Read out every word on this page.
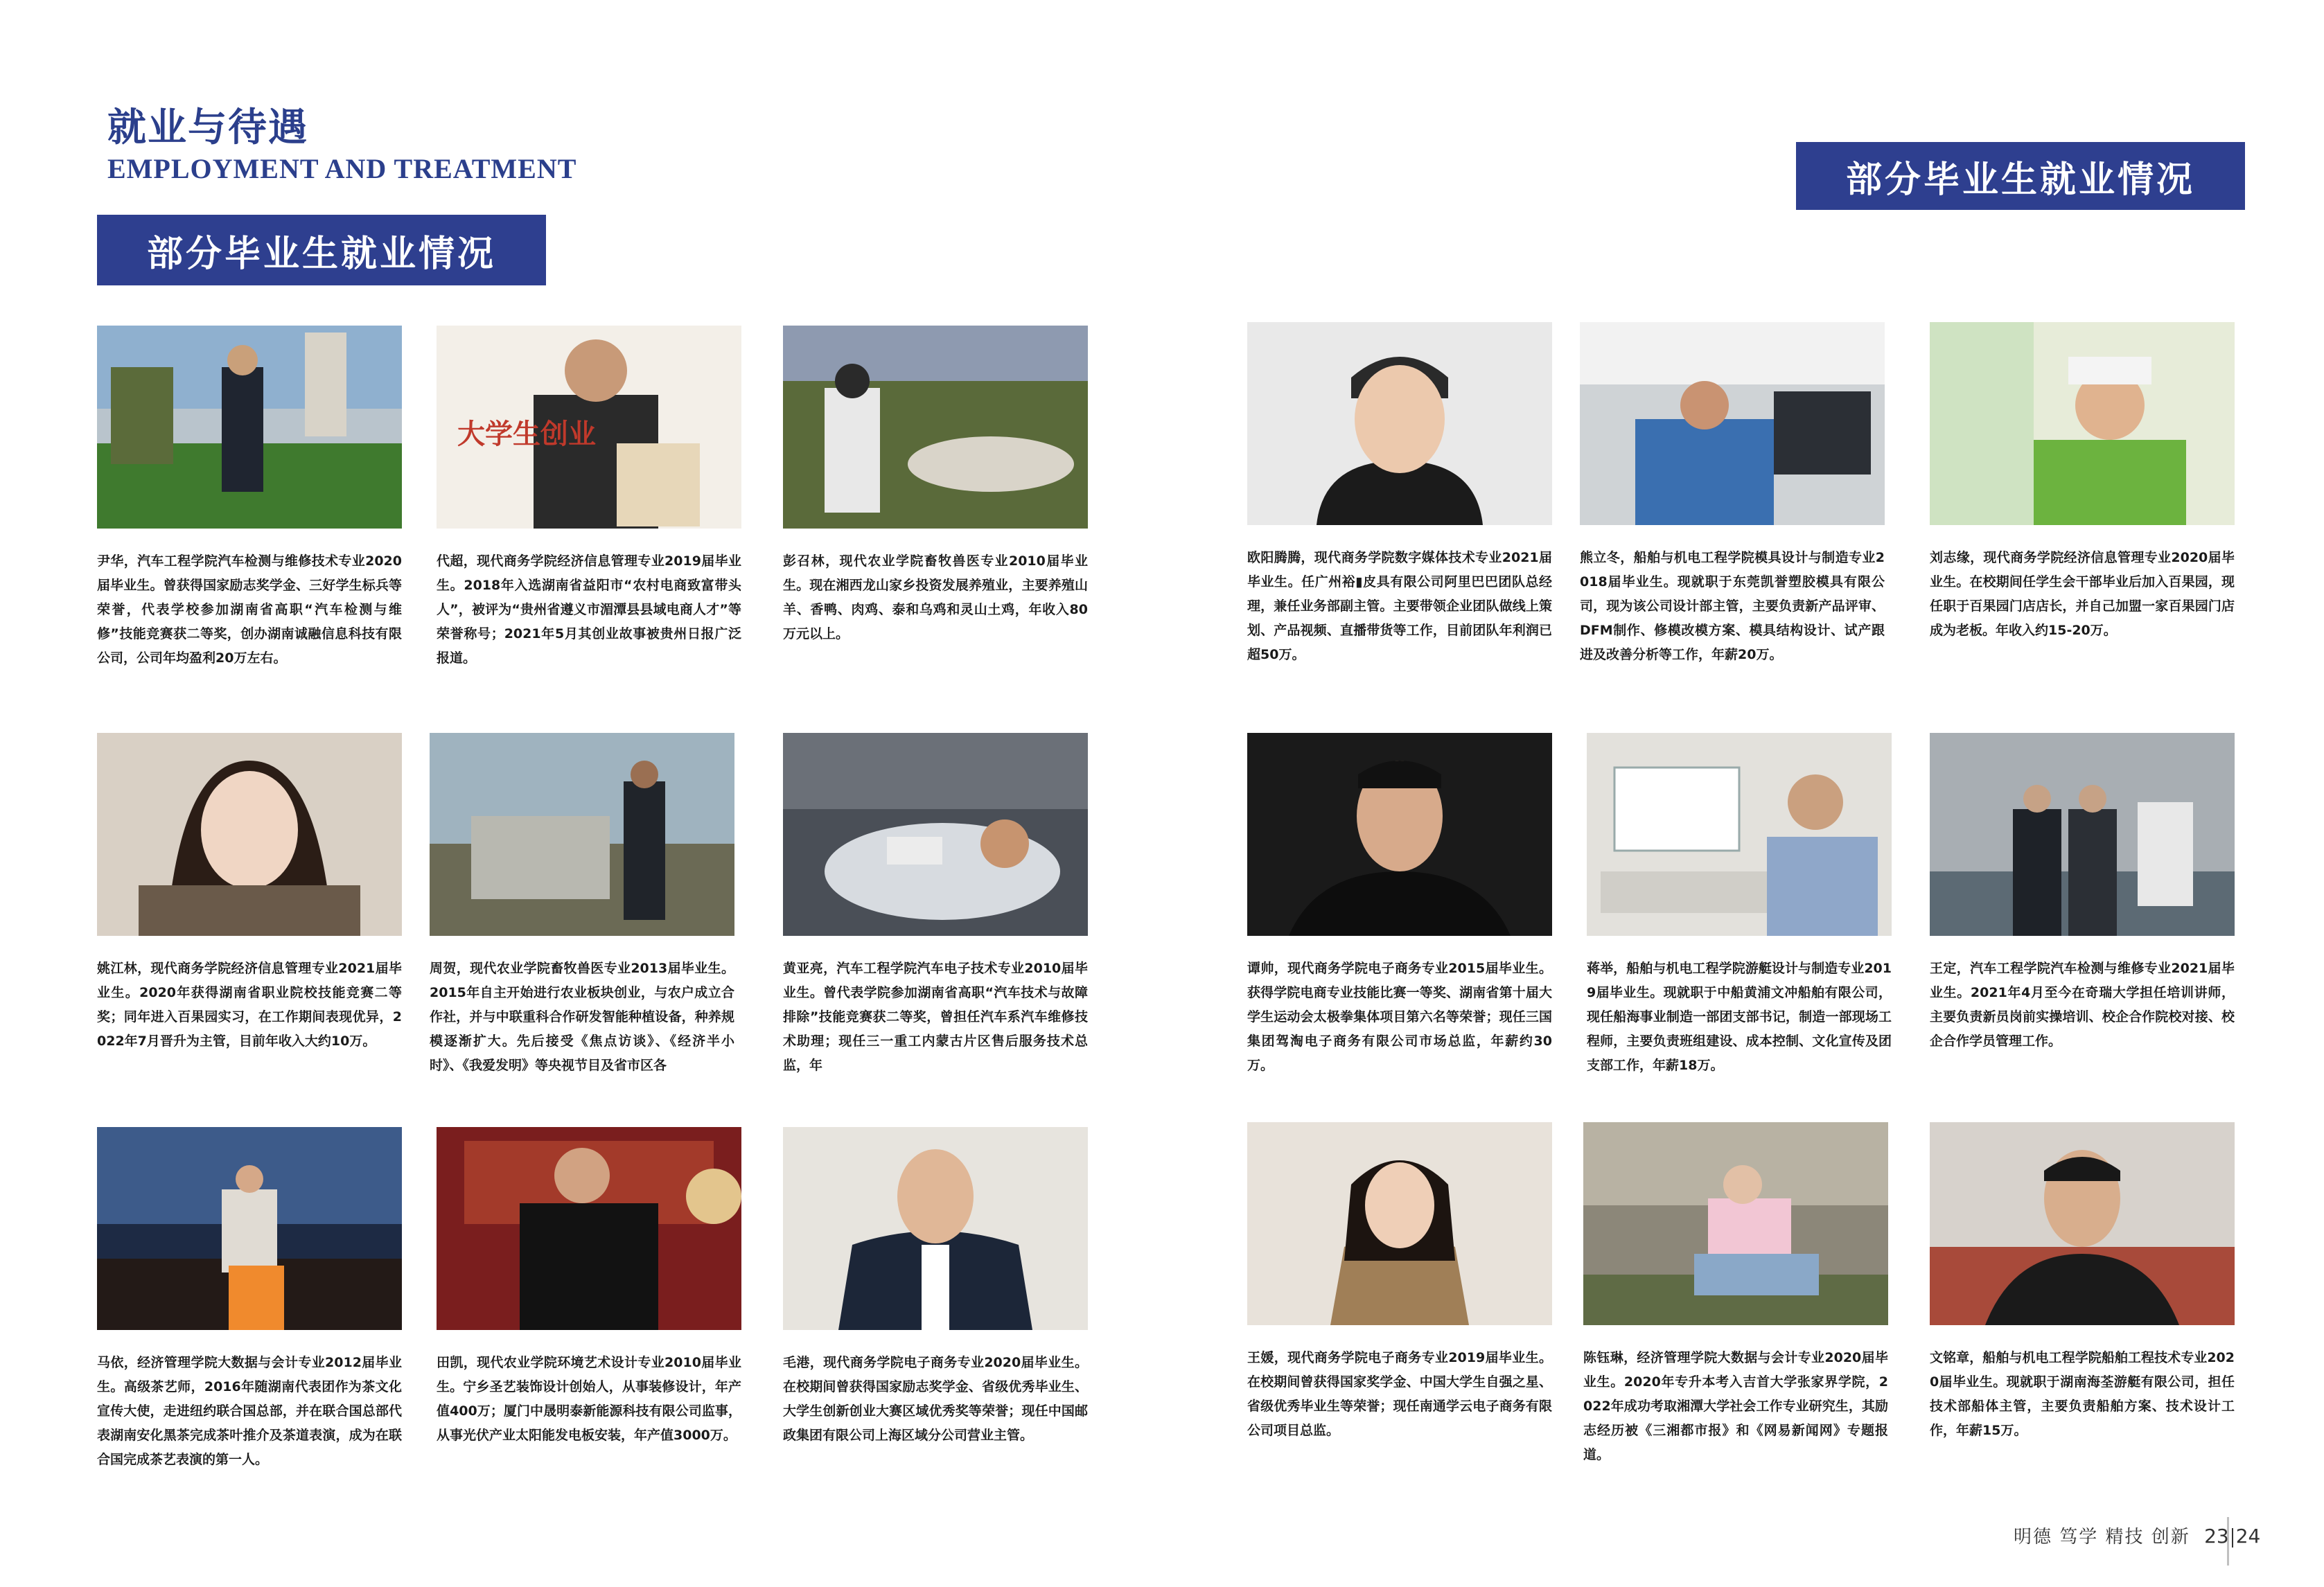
就业与待遇
EMPLOYMENT AND TREATMENT
部分毕业生就业情况
部分毕业生就业情况
尹华，汽车工程学院汽车检测与维修技术专业2020届毕业生。曾获得国家励志奖学金、三好学生标兵等荣誉，代表学校参加湖南省高职“汽车检测与维修”技能竞赛获二等奖，创办湖南诚融信息科技有限公司，公司年均盈利20万左右。
大学生创业
代超，现代商务学院经济信息管理专业2019届毕业生。2018年入选湖南省益阳市“农村电商致富带头人”，被评为“贵州省遵义市湄潭县县域电商人才”等荣誉称号；2021年5月其创业故事被贵州日报广泛报道。
彭召林，现代农业学院畜牧兽医专业2010届毕业生。现在湘西龙山家乡投资发展养殖业，主要养殖山羊、香鸭、肉鸡、泰和乌鸡和灵山土鸡，年收入80万元以上。
姚江林，现代商务学院经济信息管理专业2021届毕业生。2020年获得湖南省职业院校技能竞赛二等奖；同年进入百果园实习，在工作期间表现优异，2022年7月晋升为主管，目前年收入大约10万。
周贺，现代农业学院畜牧兽医专业2013届毕业生。2015年自主开始进行农业板块创业，与农户成立合作社，并与中联重科合作研发智能种植设备，种养规模逐渐扩大。先后接受《焦点访谈》、《经济半小时》、《我爱发明》等央视节目及省市区各
黄亚亮，汽车工程学院汽车电子技术专业2010届毕业生。曾代表学院参加湖南省高职“汽车技术与故障排除”技能竞赛获二等奖，曾担任汽车系汽车维修技术助理；现任三一重工内蒙古片区售后服务技术总监，年
马依，经济管理学院大数据与会计专业2012届毕业生。高级茶艺师，2016年随湖南代表团作为茶文化宣传大使，走进纽约联合国总部，并在联合国总部代表湖南安化黑茶完成茶叶推介及茶道表演，成为在联合国完成茶艺表演的第一人。
田凯，现代农业学院环境艺术设计专业2010届毕业生。宁乡圣艺装饰设计创始人，从事装修设计，年产值400万；厦门中晟明泰新能源科技有限公司监事，从事光伏产业太阳能发电板安装，年产值3000万。
毛港，现代商务学院电子商务专业2020届毕业生。在校期间曾获得国家励志奖学金、省级优秀毕业生、大学生创新创业大赛区域优秀奖等荣誉；现任中国邮政集团有限公司上海区域分公司营业主管。
欧阳腾腾，现代商务学院数字媒体技术专业2021届毕业生。任广州裕▮皮具有限公司阿里巴巴团队总经理，兼任业务部副主管。主要带领企业团队做线上策划、产品视频、直播带货等工作，目前团队年利润已超50万。
熊立冬，船舶与机电工程学院模具设计与制造专业2018届毕业生。现就职于东莞凯誉塑胶模具有限公司，现为该公司设计部主管，主要负责新产品评审、DFM制作、修模改模方案、模具结构设计、试产跟进及改善分析等工作，年薪20万。
刘志缘，现代商务学院经济信息管理专业2020届毕业生。在校期间任学生会干部毕业后加入百果园，现任职于百果园门店店长，并自己加盟一家百果园门店成为老板。年收入约15-20万。
谭帅，现代商务学院电子商务专业2015届毕业生。获得学院电商专业技能比赛一等奖、湖南省第十届大学生运动会太极拳集体项目第六名等荣誉；现任三国集团驾淘电子商务有限公司市场总监，年薪约30万。
蒋举，船舶与机电工程学院游艇设计与制造专业2019届毕业生。现就职于中船黄浦文冲船舶有限公司，现任船海事业制造一部团支部书记，制造一部现场工程师，主要负责班组建设、成本控制、文化宣传及团支部工作，年薪18万。
王定，汽车工程学院汽车检测与维修专业2021届毕业生。2021年4月至今在奇瑞大学担任培训讲师，主要负责新员岗前实操培训、校企合作院校对接、校企合作学员管理工作。
王媛，现代商务学院电子商务专业2019届毕业生。在校期间曾获得国家奖学金、中国大学生自强之星、省级优秀毕业生等荣誉；现任南通学云电子商务有限公司项目总监。
陈钰琳，经济管理学院大数据与会计专业2020届毕业生。2020年专升本考入吉首大学张家界学院，2022年成功考取湘潭大学社会工作专业研究生，其励志经历被《三湘都市报》和《网易新闻网》专题报道。
文铭章，船舶与机电工程学院船舶工程技术专业2020届毕业生。现就职于湖南海荃游艇有限公司，担任技术部船体主管，主要负责船舶方案、技术设计工作，年薪15万。
明德 笃学 精技 创新 23 24
